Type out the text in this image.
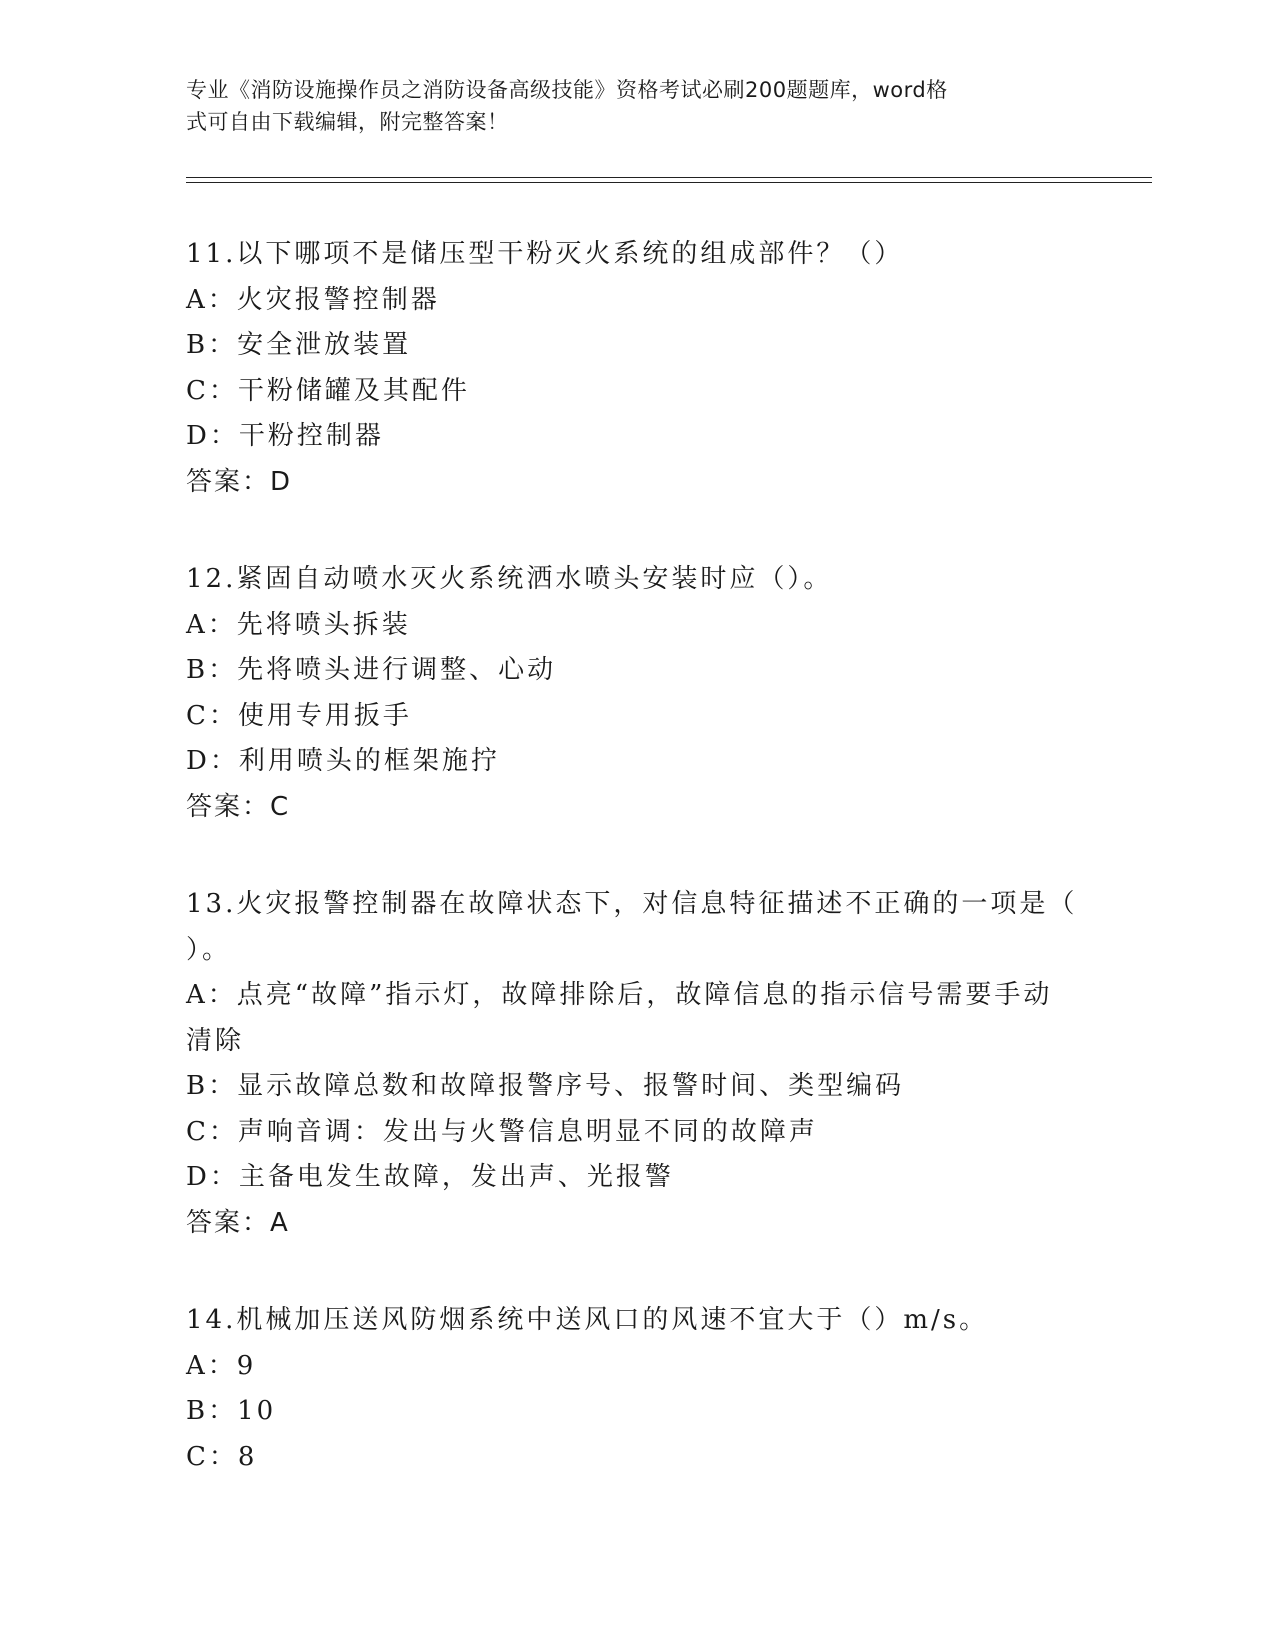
专业《消防设施操作员之消防设备高级技能》资格考试必刷200题题库，word格
式可自由下载编辑，附完整答案！
11.以下哪项不是储压型干粉灭火系统的组成部件？（）
A：火灾报警控制器
B：安全泄放装置
C：干粉储罐及其配件
D：干粉控制器
答案：D
12.紧固自动喷水灭火系统洒水喷头安装时应（）。
A：先将喷头拆装
B：先将喷头进行调整、心动
C：使用专用扳手
D：利用喷头的框架施拧
答案：C
13.火灾报警控制器在故障状态下，对信息特征描述不正确的一项是（
）。
A：点亮“故障”指示灯，故障排除后，故障信息的指示信号需要手动
清除
B：显示故障总数和故障报警序号、报警时间、类型编码
C：声响音调：发出与火警信息明显不同的故障声
D：主备电发生故障，发出声、光报警
答案：A
14.机械加压送风防烟系统中送风口的风速不宜大于（）m/s。
A：9
B：10
C：8
